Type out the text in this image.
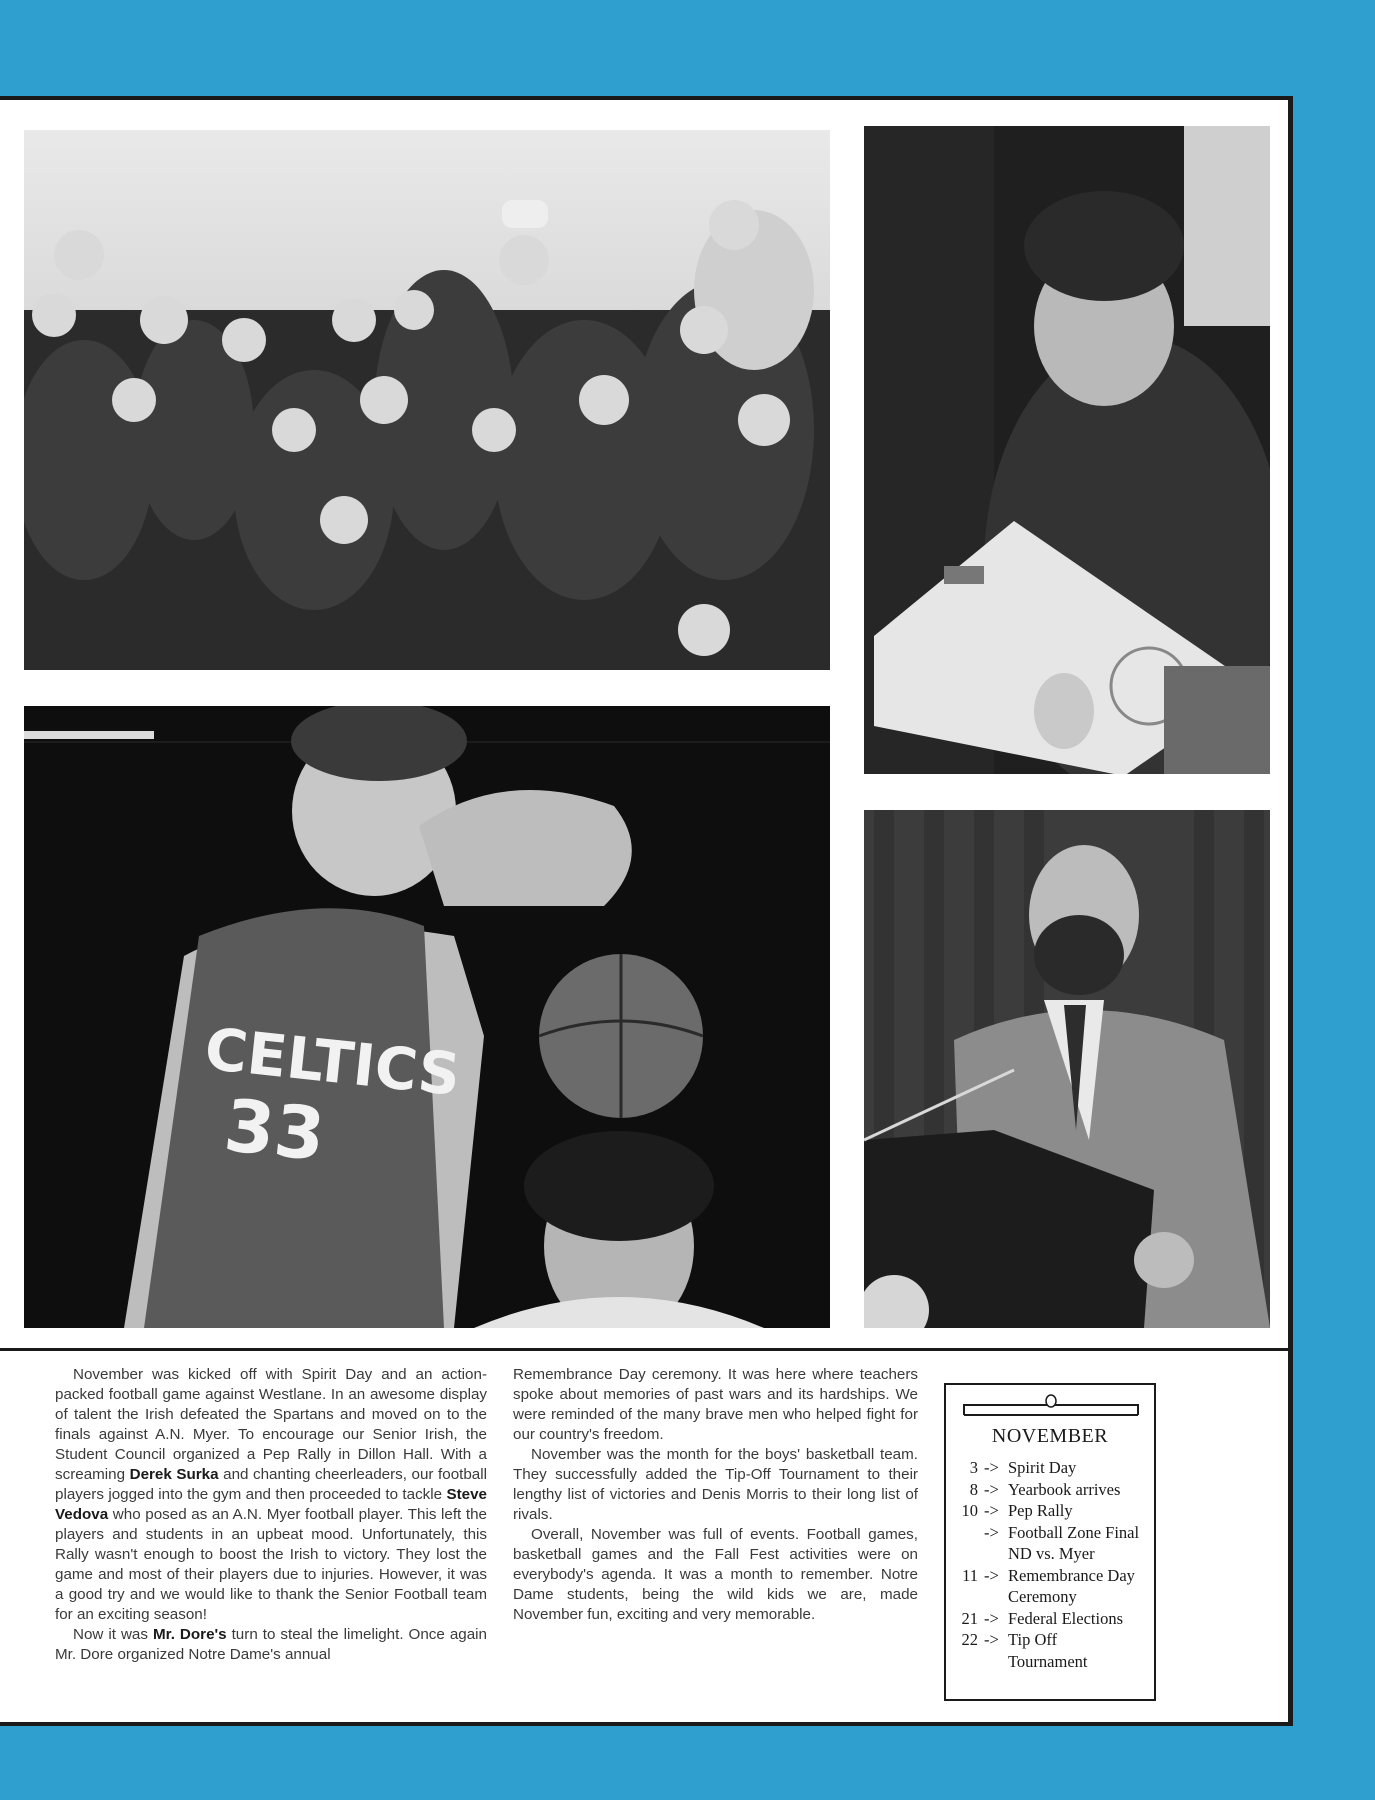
CELTICS
33

November was kicked off with Spirit Day and an action-packed football game against Westlane. In an awesome display of talent the Irish defeated the Spartans and moved on to the finals against A.N. Myer. To encourage our Senior Irish, the Student Council organized a Pep Rally in Dillon Hall. With a screaming Derek Surka and chanting cheerleaders, our football players jogged into the gym and then proceeded to tackle Steve Vedova who posed as an A.N. Myer football player. This left the players and students in an upbeat mood. Unfortunately, this Rally wasn't enough to boost the Irish to victory. They lost the game and most of their players due to injuries. However, it was a good try and we would like to thank the Senior Football team for an exciting season!

Now it was Mr. Dore's turn to steal the limelight. Once again Mr. Dore organized Notre Dame's annual

Remembrance Day ceremony. It was here where teachers spoke about memories of past wars and its hardships. We were reminded of the many brave men who helped fight for our country's freedom.

November was the month for the boys' basketball team. They successfully added the Tip-Off Tournament to their lengthy list of victories and Denis Morris to their long list of rivals.

Overall, November was full of events. Football games, basketball games and the Fall Fest activities were on everybody's agenda. It was a month to remember. Notre Dame students, being the wild kids we are, made November fun, exciting and very memorable.

NOVEMBER
3 -> Spirit Day
8 -> Yearbook arrives
10 -> Pep Rally
-> Football Zone Final
ND vs. Myer
11 -> Remembrance Day
Ceremony
21 -> Federal Elections
22 -> Tip Off
Tournament
